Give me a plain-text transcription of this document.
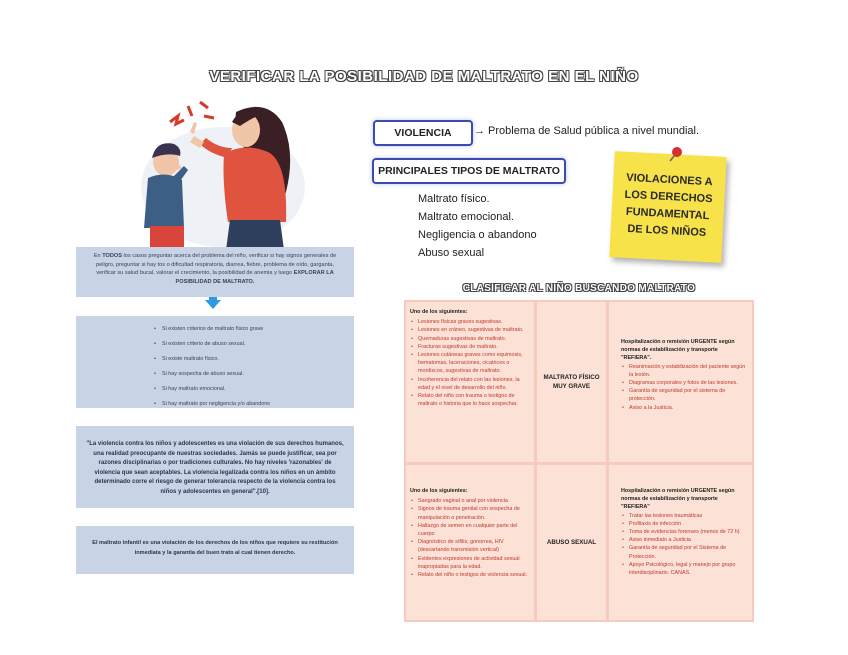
VERIFICAR LA POSIBILIDAD DE MALTRATO EN EL NIÑO
En TODOS los casos preguntar acerca del problema del niño, verificar si hay signos generales de peligro, preguntar si hay tos o dificultad respiratoria, diarrea, fiebre, problema de oído, garganta, verificar su salud bucal, valorar el crecimiento, la posibilidad de anemia y luego EXPLORAR LA POSIBILIDAD DE MALTRATO.
• Si existen criterios de maltrato físico grave
• Si existen criterio de abuso sexual.
• Si existe maltrato físico.
• Si hay sospecha de abuso sexual.
• Si hay maltrato emocional.
• Si hay maltrato por negligencia y/o abandono
"La violencia contra los niños y adolescentes es una violación de sus derechos humanos, una realidad preocupante de nuestras sociedades. Jamás se puede justificar, sea por razones disciplinarias o por tradiciones culturales. No hay niveles 'razonables' de violencia que sean aceptables. La violencia legalizada contra los niños en un ámbito determinado corre el riesgo de generar tolerancia respecto de la violencia contra los niños y adolescentes en general".[10].
El maltrato infantil es una violación de los derechos de los niños que requiere su restitución inmediata y la garantía del buen trato al cual tienen derecho.
VIOLENCIA	→ Problema de Salud pública a nivel mundial.
PRINCIPALES TIPOS DE MALTRATO
Maltrato físico.
Maltrato emocional.
Negligencia o abandono
Abuso sexual
VIOLACIONES A
LOS DERECHOS
FUNDAMENTAL
DE LOS NIÑOS
CLASIFICAR AL NIÑO BUSCANDO MALTRATO
Uno de los siguientes:
• Lesiones físicas graves sugestivas.
• Lesiones en cráneo, sugestivas de maltrato.
• Quemaduras sugestivas de maltrato.
• Fracturas sugestivas de maltrato.
• Lesiones cutáneas graves como equimosis, hematomas, laceraciones, cicatrices o mordiscos, sugestivas de maltrato.
• Incoherencia del relato con las lesiones, la edad y el nivel de desarrollo del niño.
• Relato del niño con trauma o testigos de maltrato o historia que lo hace sospechar.
MALTRATO FÍSICO MUY GRAVE
Hospitalización o remisión URGENTE según normas de estabilización y transporte "REFIERA".
• Reanimación y estabilización del paciente según la lesión.
• Diagramas corporales y fotos de las lesiones.
• Garantía de seguridad por el sistema de protección.
• Aviso a la Justicia.
Uno de los siguientes:
• Sangrado vaginal o anal por violencia
• Signos de trauma genital con sospecha de manipulación o penetración.
• Hallazgo de semen en cualquier parte del cuerpo
• Diagnóstico de sífilis, gonorrea, HIV (descartando transmisión vertical)
• Evidentes expresiones de actividad sexual inapropiadas para la edad.
• Relato del niño o testigos de violencia sexual.
ABUSO SEXUAL
Hospitalización o remisión URGENTE según normas de estabilización y transporte "REFIERA"
• Tratar las lesiones traumáticas
• Profilaxis de infección
• Toma de evidencias forenses (menos de 72 h)
• Aviso inmediato a Justicia
• Garantía de seguridad por el Sistema de Protección.
• Apoyo Psicológico, legal y manejo por grupo interdisciplinario. CANAS.
